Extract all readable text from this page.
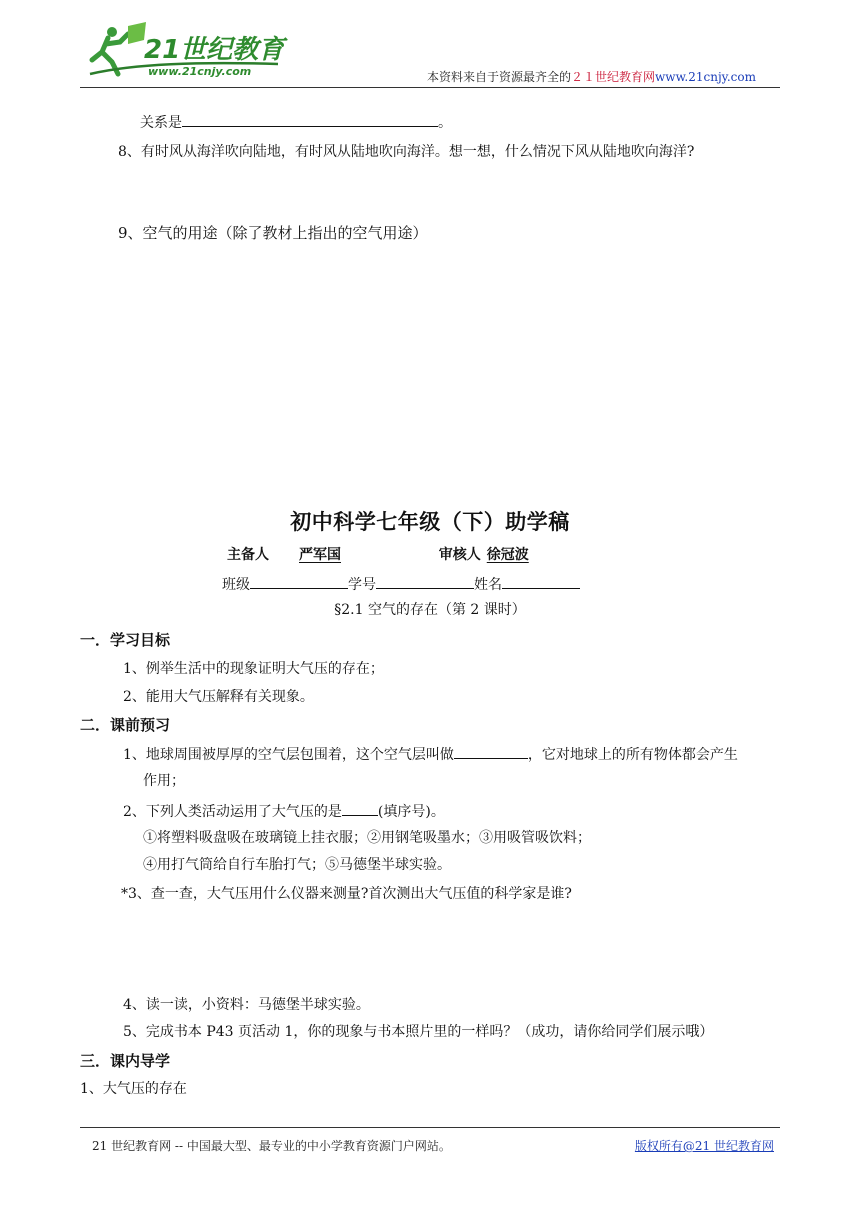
21世纪教育
www.21cnjy.com	本资料来自于资源最齐全的２１世纪教育网www.21cnjy.com
关系是	。
8、有时风从海洋吹向陆地，有时风从陆地吹向海洋。想一想，什么情况下风从陆地吹向海洋?
9、空气的用途（除了教材上指出的空气用途）
初中科学七年级（下）助学稿
主备人 严军国	审核人 徐冠波
班级	学号	姓名
§2.1 空气的存在（第 2 课时）
一．学习目标
1、例举生活中的现象证明大气压的存在；
2、能用大气压解释有关现象。
二．课前预习
1、地球周围被厚厚的空气层包围着，这个空气层叫做	，它对地球上的所有物体都会产生
作用；
2、下列人类活动运用了大气压的是	(填序号)。
①将塑料吸盘吸在玻璃镜上挂衣服；②用钢笔吸墨水；③用吸管吸饮料；
④用打气筒给自行车胎打气；⑤马德堡半球实验。
*3、查一查，大气压用什么仪器来测量?首次测出大气压值的科学家是谁?
4、读一读，小资料：马德堡半球实验。
5、完成书本 P43 页活动 1，你的现象与书本照片里的一样吗？（成功，请你给同学们展示哦）
三．课内导学
1、大气压的存在
21 世纪教育网 -- 中国最大型、最专业的中小学教育资源门户网站。	版权所有@21 世纪教育网
